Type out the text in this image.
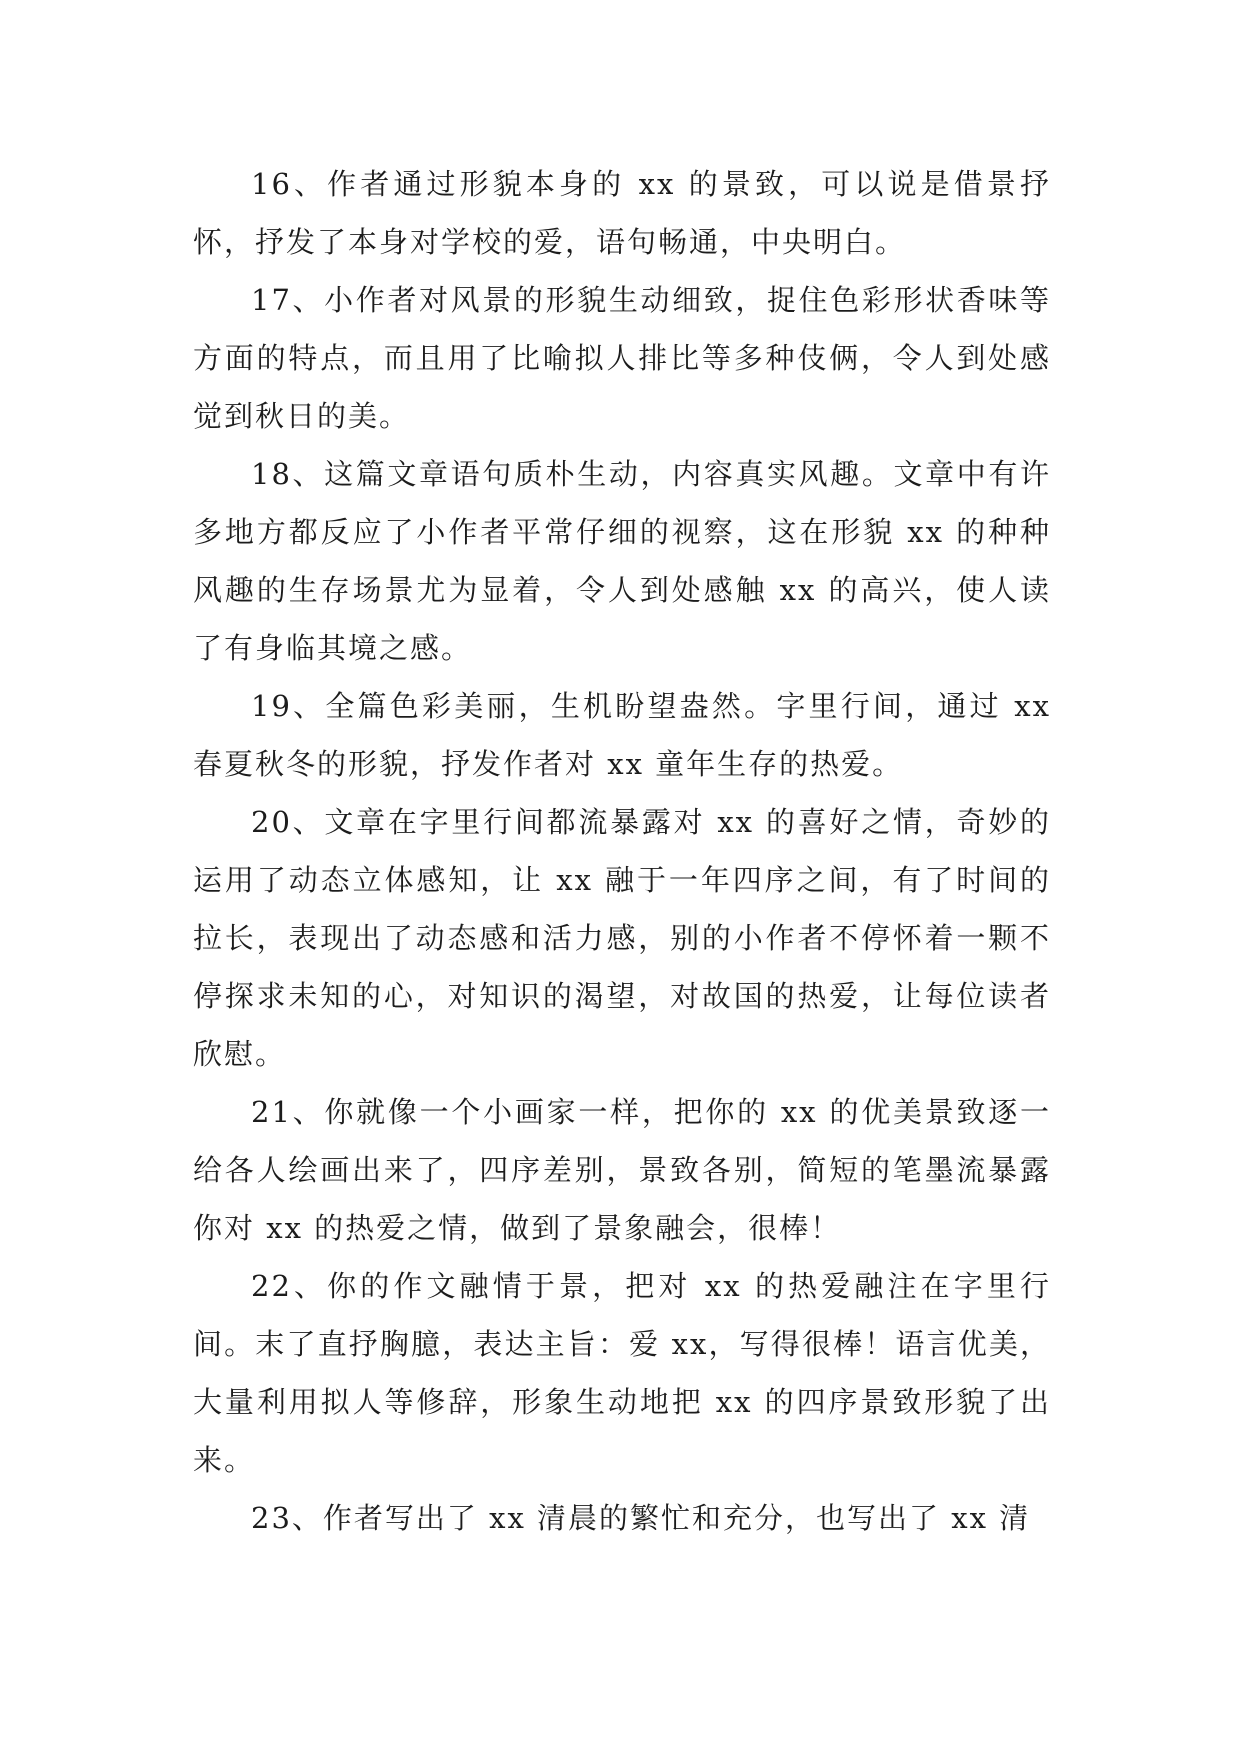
16、作者通过形貌本身的 xx 的景致，可以说是借景抒怀，抒发了本身对学校的爱，语句畅通，中央明白。

17、小作者对风景的形貌生动细致，捉住色彩形状香味等方面的特点，而且用了比喻拟人排比等多种伎俩，令人到处感觉到秋日的美。

18、这篇文章语句质朴生动，内容真实风趣。文章中有许多地方都反应了小作者平常仔细的视察，这在形貌 xx 的种种风趣的生存场景尤为显着，令人到处感触 xx 的高兴，使人读了有身临其境之感。

19、全篇色彩美丽，生机盼望盎然。字里行间，通过 xx 春夏秋冬的形貌，抒发作者对 xx 童年生存的热爱。

20、文章在字里行间都流暴露对 xx 的喜好之情，奇妙的运用了动态立体感知，让 xx 融于一年四序之间，有了时间的拉长，表现出了动态感和活力感，别的小作者不停怀着一颗不停探求未知的心，对知识的渴望，对故国的热爱，让每位读者欣慰。

21、你就像一个小画家一样，把你的 xx 的优美景致逐一给各人绘画出来了，四序差别，景致各别，简短的笔墨流暴露你对 xx 的热爱之情，做到了景象融会，很棒！

22、你的作文融情于景，把对 xx 的热爱融注在字里行间。末了直抒胸臆，表达主旨：爱 xx，写得很棒！语言优美，大量利用拟人等修辞，形象生动地把 xx 的四序景致形貌了出来。

23、作者写出了 xx 清晨的繁忙和充分，也写出了 xx 清
